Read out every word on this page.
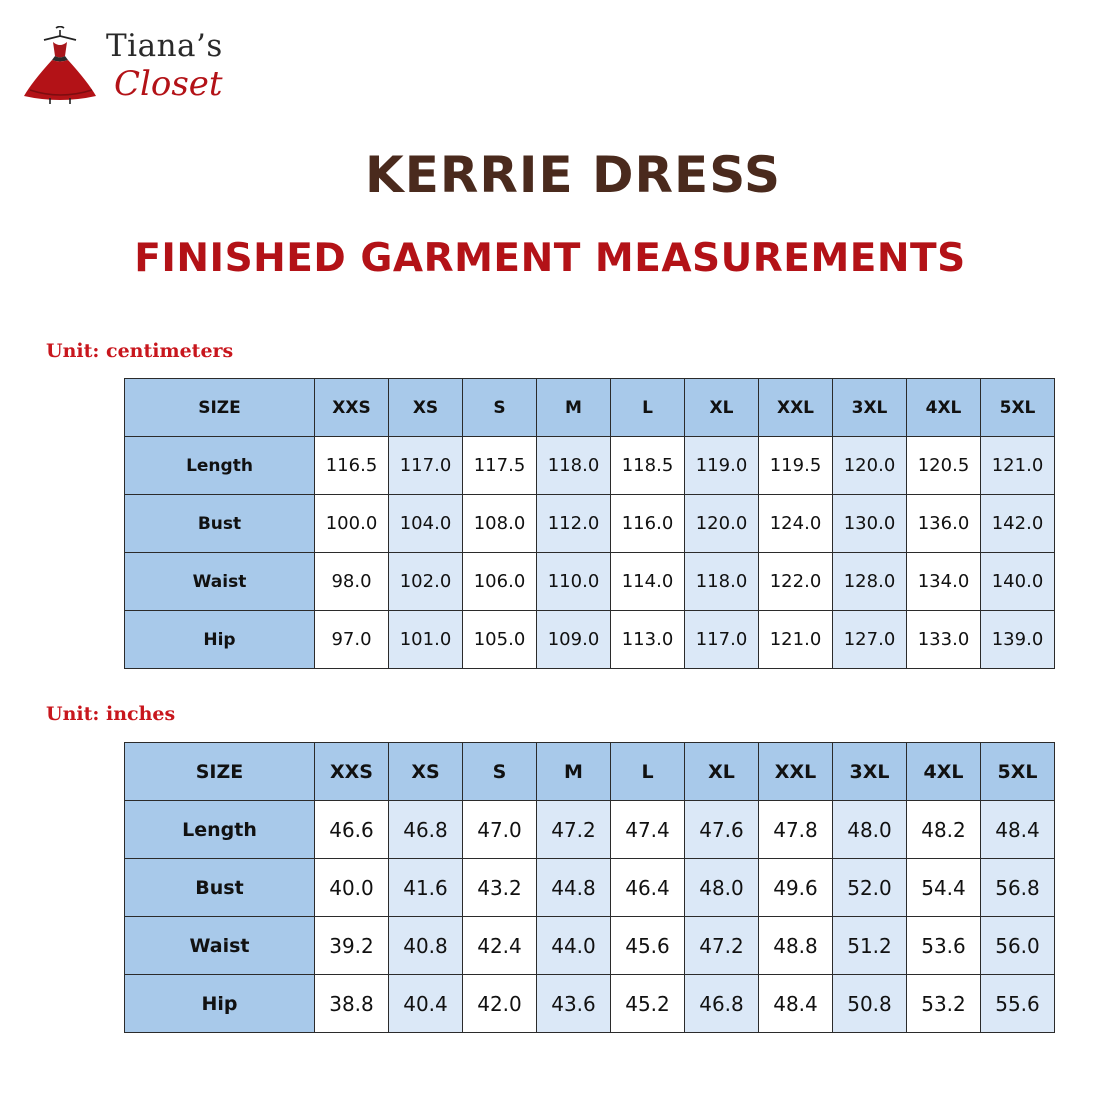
Tiana’s
Closet
KERRIE DRESS
FINISHED GARMENT MEASUREMENTS
Unit: centimeters
SIZE	XXS	XS	S	M	L	XL	XXL	3XL	4XL	5XL
Length	116.5	117.0	117.5	118.0	118.5	119.0	119.5	120.0	120.5	121.0
Bust	100.0	104.0	108.0	112.0	116.0	120.0	124.0	130.0	136.0	142.0
Waist	98.0	102.0	106.0	110.0	114.0	118.0	122.0	128.0	134.0	140.0
Hip	97.0	101.0	105.0	109.0	113.0	117.0	121.0	127.0	133.0	139.0
Unit: inches
SIZE	XXS	XS	S	M	L	XL	XXL	3XL	4XL	5XL
Length	46.6	46.8	47.0	47.2	47.4	47.6	47.8	48.0	48.2	48.4
Bust	40.0	41.6	43.2	44.8	46.4	48.0	49.6	52.0	54.4	56.8
Waist	39.2	40.8	42.4	44.0	45.6	47.2	48.8	51.2	53.6	56.0
Hip	38.8	40.4	42.0	43.6	45.2	46.8	48.4	50.8	53.2	55.6
